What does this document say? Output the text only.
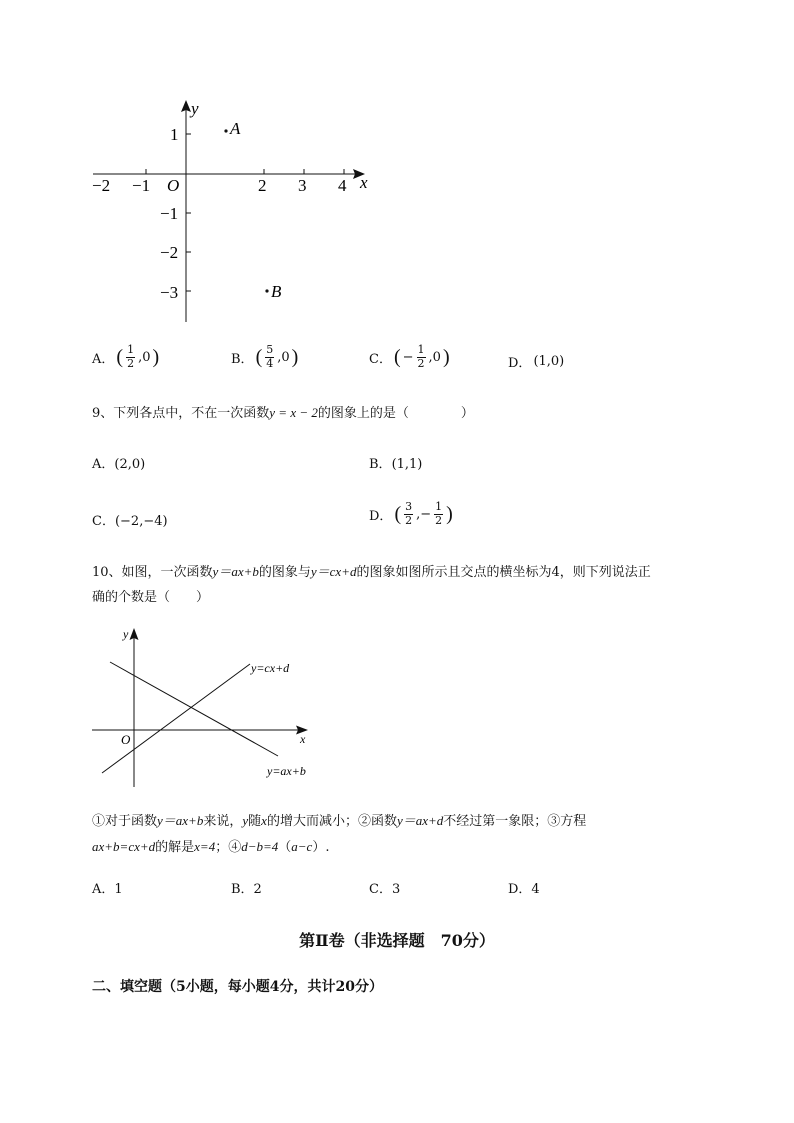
y
x
O
−2 −1	2 3 4
1
−1
−2
−3
A
B
A． ( $\frac{1}{2} ,0$ )	B． ( $\frac{5}{4} ,0$ )	C． ( − $\frac{1}{2} ,0$ )	D． (1,0)
9、下列各点中，不在一次函数y = x − 2的图象上的是（　　　　）
A．(2,0)	B．(1,1)
C．(−2,−4)	D． ( $\frac{3}{2}$ ,− $\frac{1}{2}$ )
10、如图，一次函数y＝ax+b的图象与y＝cx+d的图象如图所示且交点的横坐标为4，则下列说法正
确的个数是（　　）
y
x
O
y=cx+d
y=ax+b
①对于函数y＝ax+b来说，y随x的增大而减小；②函数y＝ax+d不经过第一象限；③方程
ax+b=cx+d的解是x=4；④d−b=4（a−c）.
A．1	B．2	C．3	D．4
第Ⅱ卷（非选择题　70分）
二、填空题（5小题，每小题4分，共计20分）
